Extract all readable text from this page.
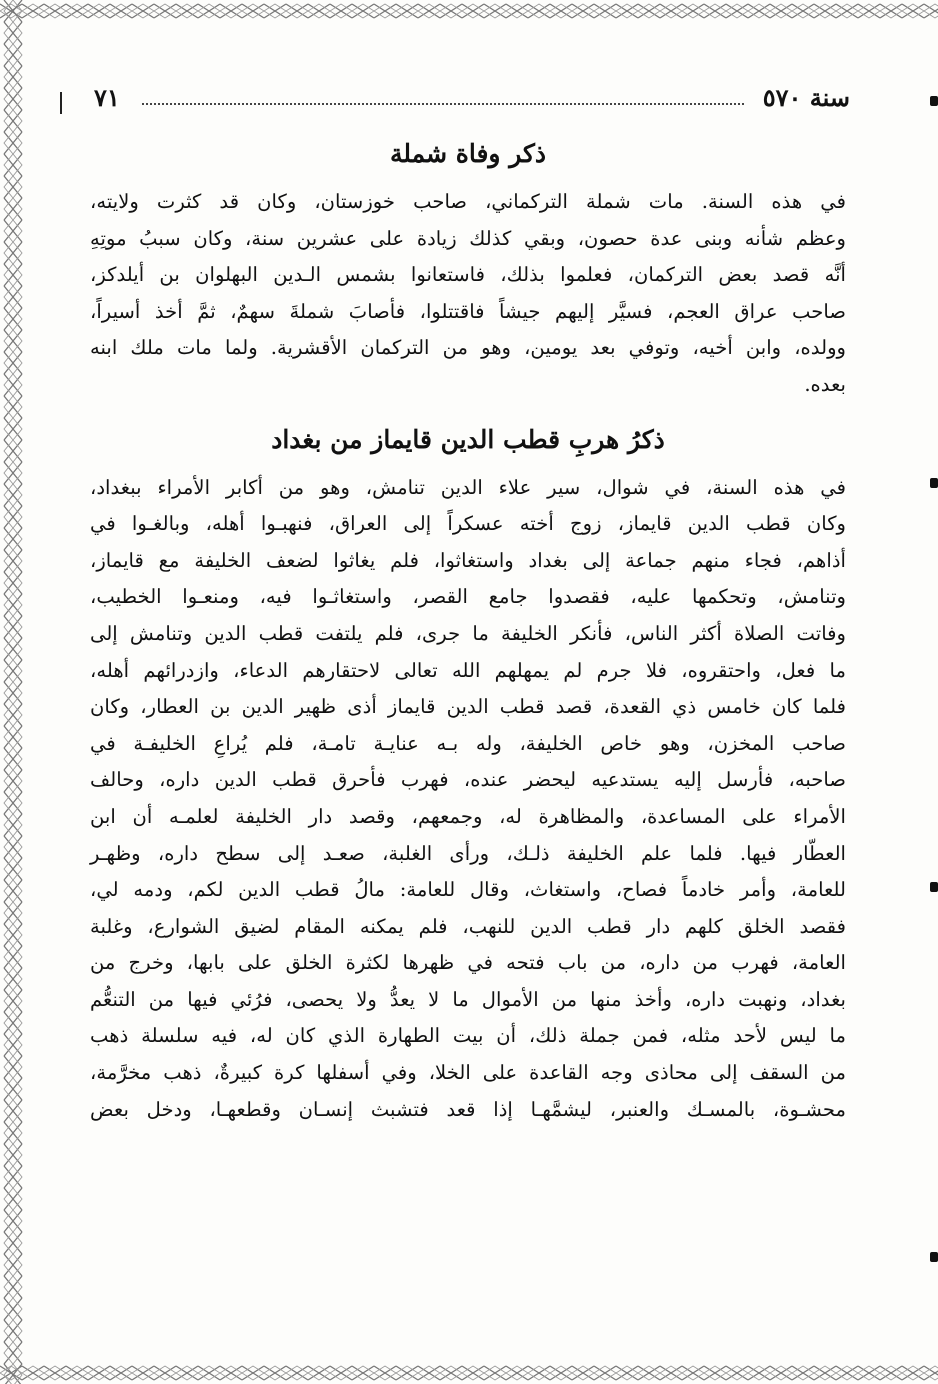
سنة ٥٧٠
٧١
ذكر وفاة شملة

في هذه السنة. مات شملة التركماني، صاحب خوزستان، وكان قد كثرت ولايته،
وعظم شأنه وبنى عدة حصون، وبقي كذلك زيادة على عشرين سنة، وكان سببُ موتِهِ
أنَّه قصد بعض التركمان، فعلموا بذلك، فاستعانوا بشمس الـدين البهلوان بن أيلدكز،
صاحب عراق العجم، فسيَّر إليهم جيشاً فاقتتلوا، فأصابَ شملةَ سهمٌ، ثمَّ أخذ أسيراً،
وولده، وابن أخيه، وتوفي بعد يومين، وهو من التركمان الأقشرية. ولما مات ملك ابنه
بعده.

ذكرُ هربِ قطب الدين قايماز من بغداد

في هذه السنة، في شوال، سير علاء الدين تنامش، وهو من أكابر الأمراء ببغداد،
وكان قطب الدين قايماز، زوج أخته عسكراً إلى العراق، فنهبـوا أهله، وبالغـوا في
أذاهم، فجاء منهم جماعة إلى بغداد واستغاثوا، فلم يغاثوا لضعف الخليفة مع قايماز،
وتنامش، وتحكمها عليه، فقصدوا جامع القصر، واستغاثـوا فيه، ومنعـوا الخطيب،
وفاتت الصلاة أكثر الناس، فأنكر الخليفة ما جرى، فلم يلتفت قطب الدين وتنامش إلى
ما فعل، واحتقروه، فلا جرم لم يمهلهم الله تعالى لاحتقارهم الدعاء، وازدرائهم أهله،
فلما كان خامس ذي القعدة، قصد قطب الدين قايماز أذى ظهير الدين بن العطار، وكان
صاحب المخزن، وهو خاص الخليفة، وله بـه عنايـة تامـة، فلم يُراعِ الخليفـة في
صاحبه، فأرسل إليه يستدعيه ليحضر عنده، فهرب فأحرق قطب الدين داره، وحالف
الأمراء على المساعدة، والمظاهرة له، وجمعهم، وقصد دار الخليفة لعلمـه أن ابن
العطّار فيها. فلما علم الخليفة ذلـك، ورأى الغلبة، صعـد إلى سطح داره، وظهـر
للعامة، وأمر خادماً فصاح، واستغاث، وقال للعامة: مالُ قطب الدين لكم، ودمه لي،
فقصد الخلق كلهم دار قطب الدين للنهب، فلم يمكنه المقام لضيق الشوارع، وغلبة
العامة، فهرب من داره، من باب فتحه في ظهرها لكثرة الخلق على بابها، وخرج من
بغداد، ونهبت داره، وأخذ منها من الأموال ما لا يعدُّ ولا يحصى، فرُئي فيها من التنعُّم
ما ليس لأحد مثله، فمن جملة ذلك، أن بيت الطهارة الذي كان له، فيه سلسلة ذهب
من السقف إلى محاذى وجه القاعدة على الخلا، وفي أسفلها كرة كبيرةٌ، ذهب مخرَّمة،
محشـوة، بالمسـك والعنبر، ليشمَّهـا إذا قعد فتشبث إنسـان وقطعهـا، ودخل بعض
